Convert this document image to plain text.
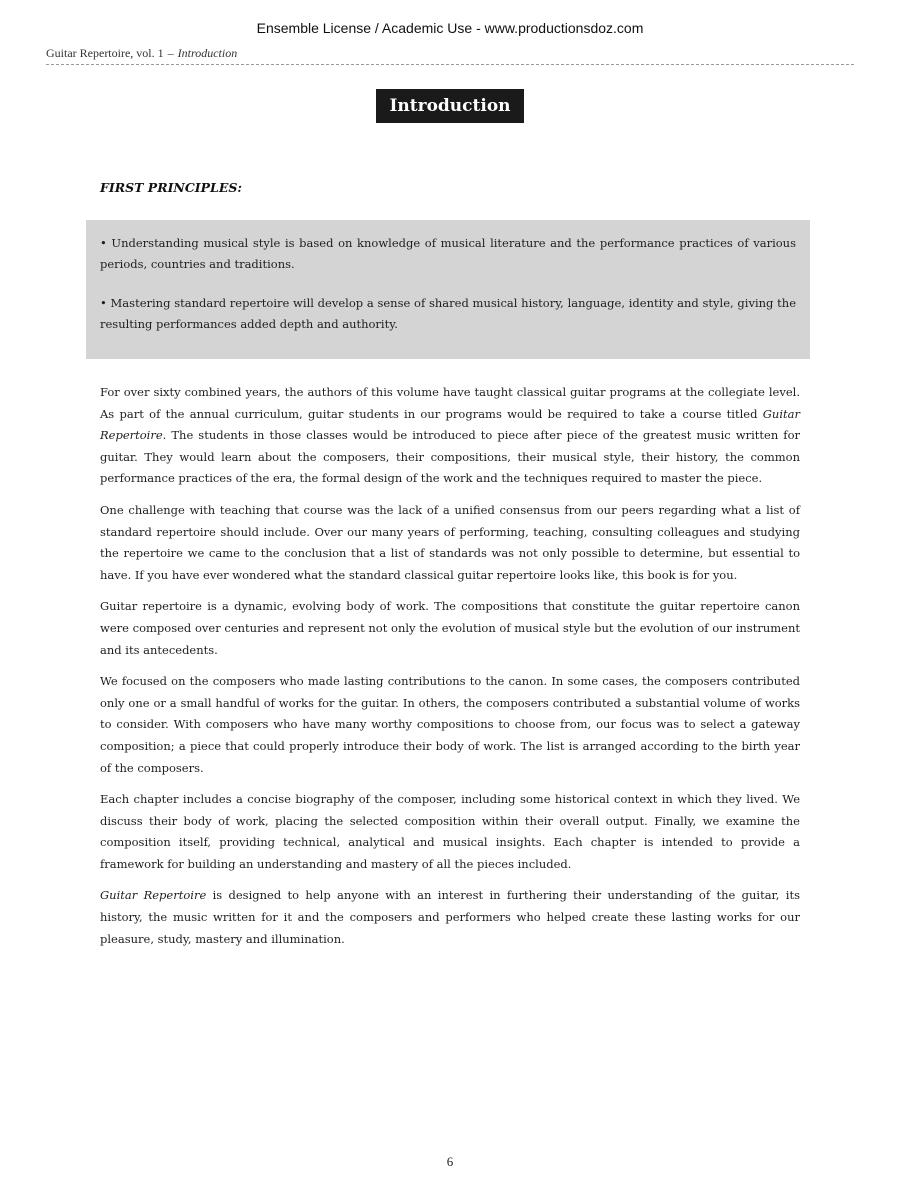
Ensemble License / Academic Use - www.productionsdoz.com
Guitar Repertoire, vol. 1 – Introduction
Introduction
FIRST PRINCIPLES:

• Understanding musical style is based on knowledge of musical literature and the performance practices of various periods, countries and traditions.

• Mastering standard repertoire will develop a sense of shared musical history, language, identity and style, giving the resulting performances added depth and authority.

For over sixty combined years, the authors of this volume have taught classical guitar programs at the collegiate level. As part of the annual curriculum, guitar students in our programs would be required to take a course titled Guitar Repertoire. The students in those classes would be introduced to piece after piece of the greatest music written for guitar. They would learn about the composers, their compositions, their musical style, their history, the common performance practices of the era, the formal design of the work and the techniques required to master the piece.

One challenge with teaching that course was the lack of a unified consensus from our peers regarding what a list of standard repertoire should include. Over our many years of performing, teaching, consulting colleagues and studying the repertoire we came to the conclusion that a list of standards was not only possible to determine, but essential to have. If you have ever wondered what the standard classical guitar repertoire looks like, this book is for you.

Guitar repertoire is a dynamic, evolving body of work. The compositions that constitute the guitar repertoire canon were composed over centuries and represent not only the evolution of musical style but the evolution of our instrument and its antecedents.

We focused on the composers who made lasting contributions to the canon. In some cases, the composers contributed only one or a small handful of works for the guitar. In others, the composers contributed a substantial volume of works to consider. With composers who have many worthy compositions to choose from, our focus was to select a gateway composition; a piece that could properly introduce their body of work. The list is arranged according to the birth year of the composers.

Each chapter includes a concise biography of the composer, including some historical context in which they lived. We discuss their body of work, placing the selected composition within their overall output. Finally, we examine the composition itself, providing technical, analytical and musical insights. Each chapter is intended to provide a framework for building an understanding and mastery of all the pieces included.

Guitar Repertoire is designed to help anyone with an interest in furthering their understanding of the guitar, its history, the music written for it and the composers and performers who helped create these lasting works for our pleasure, study, mastery and illumination.

6
